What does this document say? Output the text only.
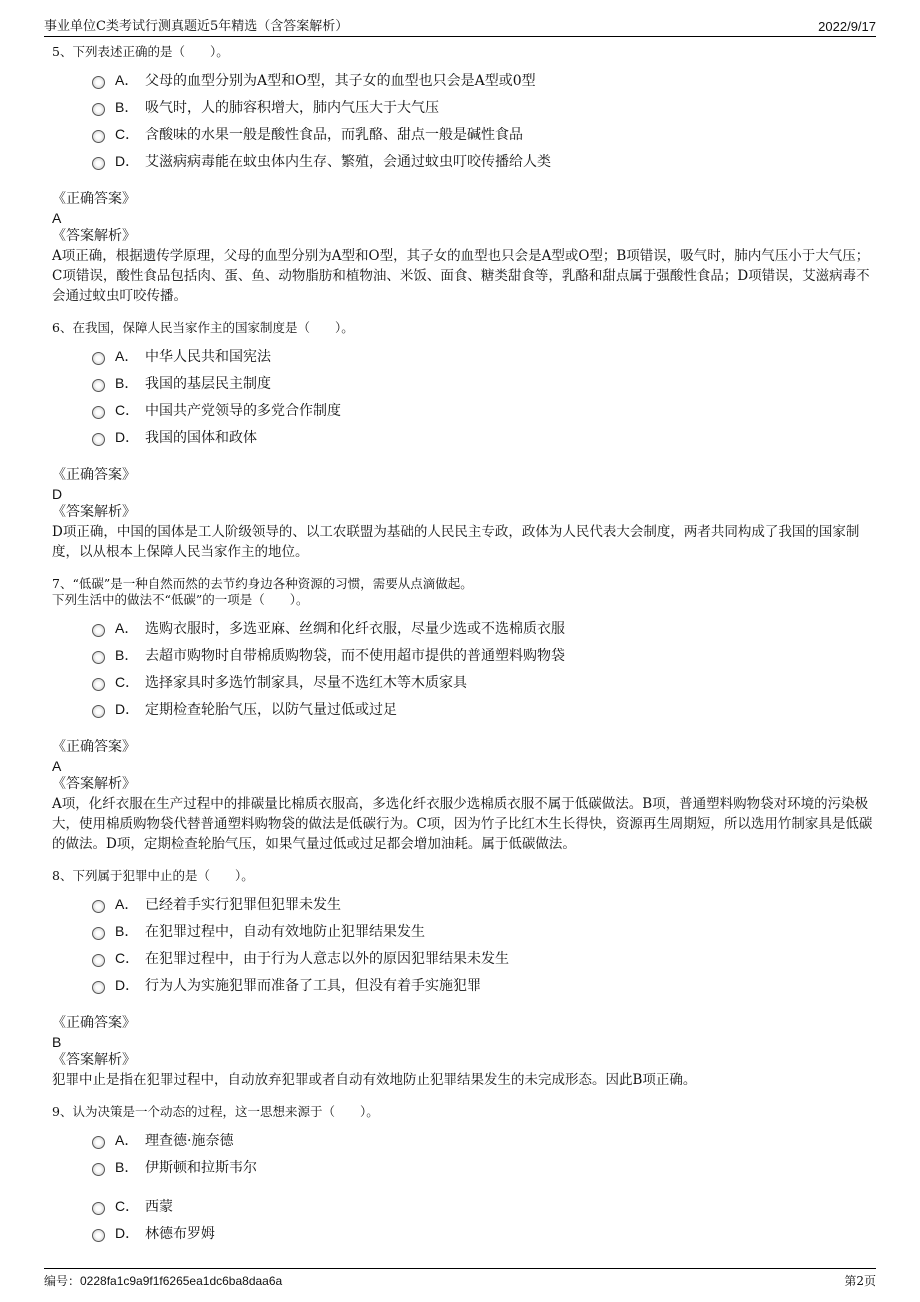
事业单位C类考试行测真题近5年精选（含答案解析）	2022/9/17

5、下列表述正确的是（　　）。

A． 父母的血型分别为A型和O型，其子女的血型也只会是A型或0型
B． 吸气时，人的肺容积增大，肺内气压大于大气压
C． 含酸味的水果一般是酸性食品，而乳酪、甜点一般是碱性食品
D． 艾滋病病毒能在蚊虫体内生存、繁殖，会通过蚊虫叮咬传播给人类

《正确答案》

A

《答案解析》

A项正确，根据遗传学原理，父母的血型分别为A型和O型，其子女的血型也只会是A型或O型；B项错误，吸气时，肺内气压小于大气压；C项错误，酸性食品包括肉、蛋、鱼、动物脂肪和植物油、米饭、面食、糖类甜食等，乳酪和甜点属于强酸性食品；D项错误，艾滋病毒不会通过蚊虫叮咬传播。

6、在我国，保障人民当家作主的国家制度是（　　）。

A． 中华人民共和国宪法
B． 我国的基层民主制度
C． 中国共产党领导的多党合作制度
D． 我国的国体和政体

《正确答案》

D

《答案解析》

D项正确，中国的国体是工人阶级领导的、以工农联盟为基础的人民民主专政，政体为人民代表大会制度，两者共同构成了我国的国家制度，以从根本上保障人民当家作主的地位。

7、“低碳”是一种自然而然的去节约身边各种资源的习惯，需要从点滴做起。

下列生活中的做法不“低碳”的一项是（　　）。

A． 选购衣服时，多选亚麻、丝绸和化纤衣服，尽量少选或不选棉质衣服
B． 去超市购物时自带棉质购物袋，而不使用超市提供的普通塑料购物袋
C． 选择家具时多选竹制家具，尽量不选红木等木质家具
D． 定期检查轮胎气压，以防气量过低或过足

《正确答案》

A

《答案解析》

A项，化纤衣服在生产过程中的排碳量比棉质衣服高，多选化纤衣服少选棉质衣服不属于低碳做法。B项，普通塑料购物袋对环境的污染极大，使用棉质购物袋代替普通塑料购物袋的做法是低碳行为。C项，因为竹子比红木生长得快，资源再生周期短，所以选用竹制家具是低碳的做法。D项，定期检查轮胎气压，如果气量过低或过足都会增加油耗。属于低碳做法。

8、下列属于犯罪中止的是（　　）。

A． 已经着手实行犯罪但犯罪未发生
B． 在犯罪过程中，自动有效地防止犯罪结果发生
C． 在犯罪过程中，由于行为人意志以外的原因犯罪结果未发生
D． 行为人为实施犯罪而准备了工具，但没有着手实施犯罪

《正确答案》

B

《答案解析》

犯罪中止是指在犯罪过程中，自动放弃犯罪或者自动有效地防止犯罪结果发生的未完成形态。因此B项正确。

9、认为决策是一个动态的过程，这一思想来源于（　　）。

A． 理查德·施奈德
B． 伊斯顿和拉斯韦尔
C． 西蒙
D． 林德布罗姆
编号：0228fa1c9a9f1f6265ea1dc6ba8daa6a	第2页
